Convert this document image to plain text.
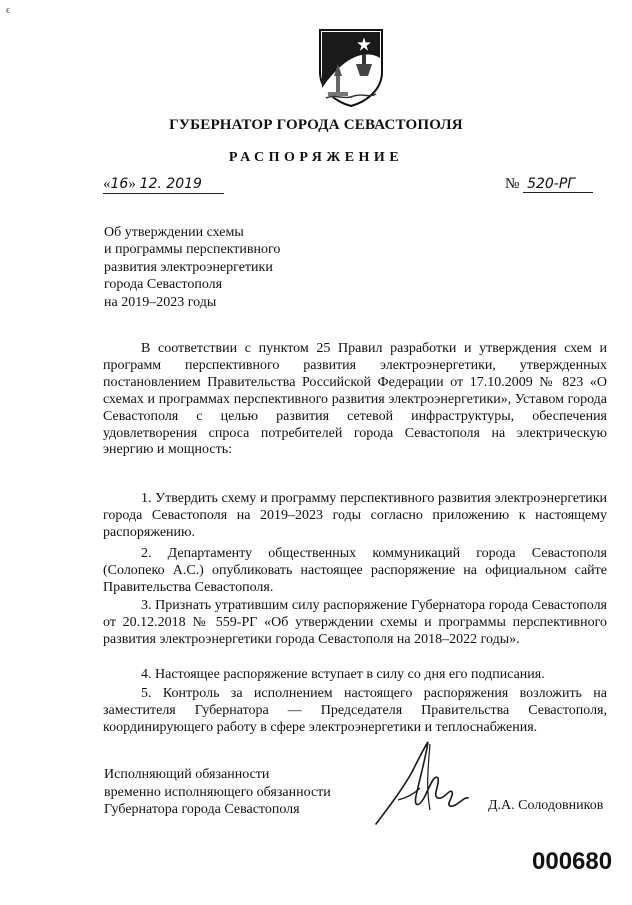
ϵ
ГУБЕРНАТОР ГОРОДА СЕВАСТОПОЛЯ
РАСПОРЯЖЕНИЕ
«16» 12. 2019	№ 520-РГ
Об утверждении схемы
и программы перспективного
развития электроэнергетики
города Севастополя
на 2019–2023 годы
В соответствии с пунктом 25 Правил разработки и утверждения схем и программ перспективного развития электроэнергетики, утвержденных постановлением Правительства Российской Федерации от 17.10.2009 № 823 «О схемах и программах перспективного развития электроэнергетики», Уставом города Севастополя с целью развития сетевой инфраструктуры, обеспечения удовлетворения спроса потребителей города Севастополя на электрическую энергию и мощность:
1. Утвердить схему и программу перспективного развития электроэнергетики города Севастополя на 2019–2023 годы согласно приложению к настоящему распоряжению.
2. Департаменту общественных коммуникаций города Севастополя (Солопеко А.С.) опубликовать настоящее распоряжение на официальном сайте Правительства Севастополя.
3. Признать утратившим силу распоряжение Губернатора города Севастополя от 20.12.2018 № 559-РГ «Об утверждении схемы и программы перспективного развития электроэнергетики города Севастополя на 2018–2022 годы».
4. Настоящее распоряжение вступает в силу со дня его подписания.
5. Контроль за исполнением настоящего распоряжения возложить на заместителя Губернатора — Председателя Правительства Севастополя, координирующего работу в сфере электроэнергетики и теплоснабжения.
Исполняющий обязанности
временно исполняющего обязанности
Губернатора города Севастополя	Д.А. Солодовников
000680
